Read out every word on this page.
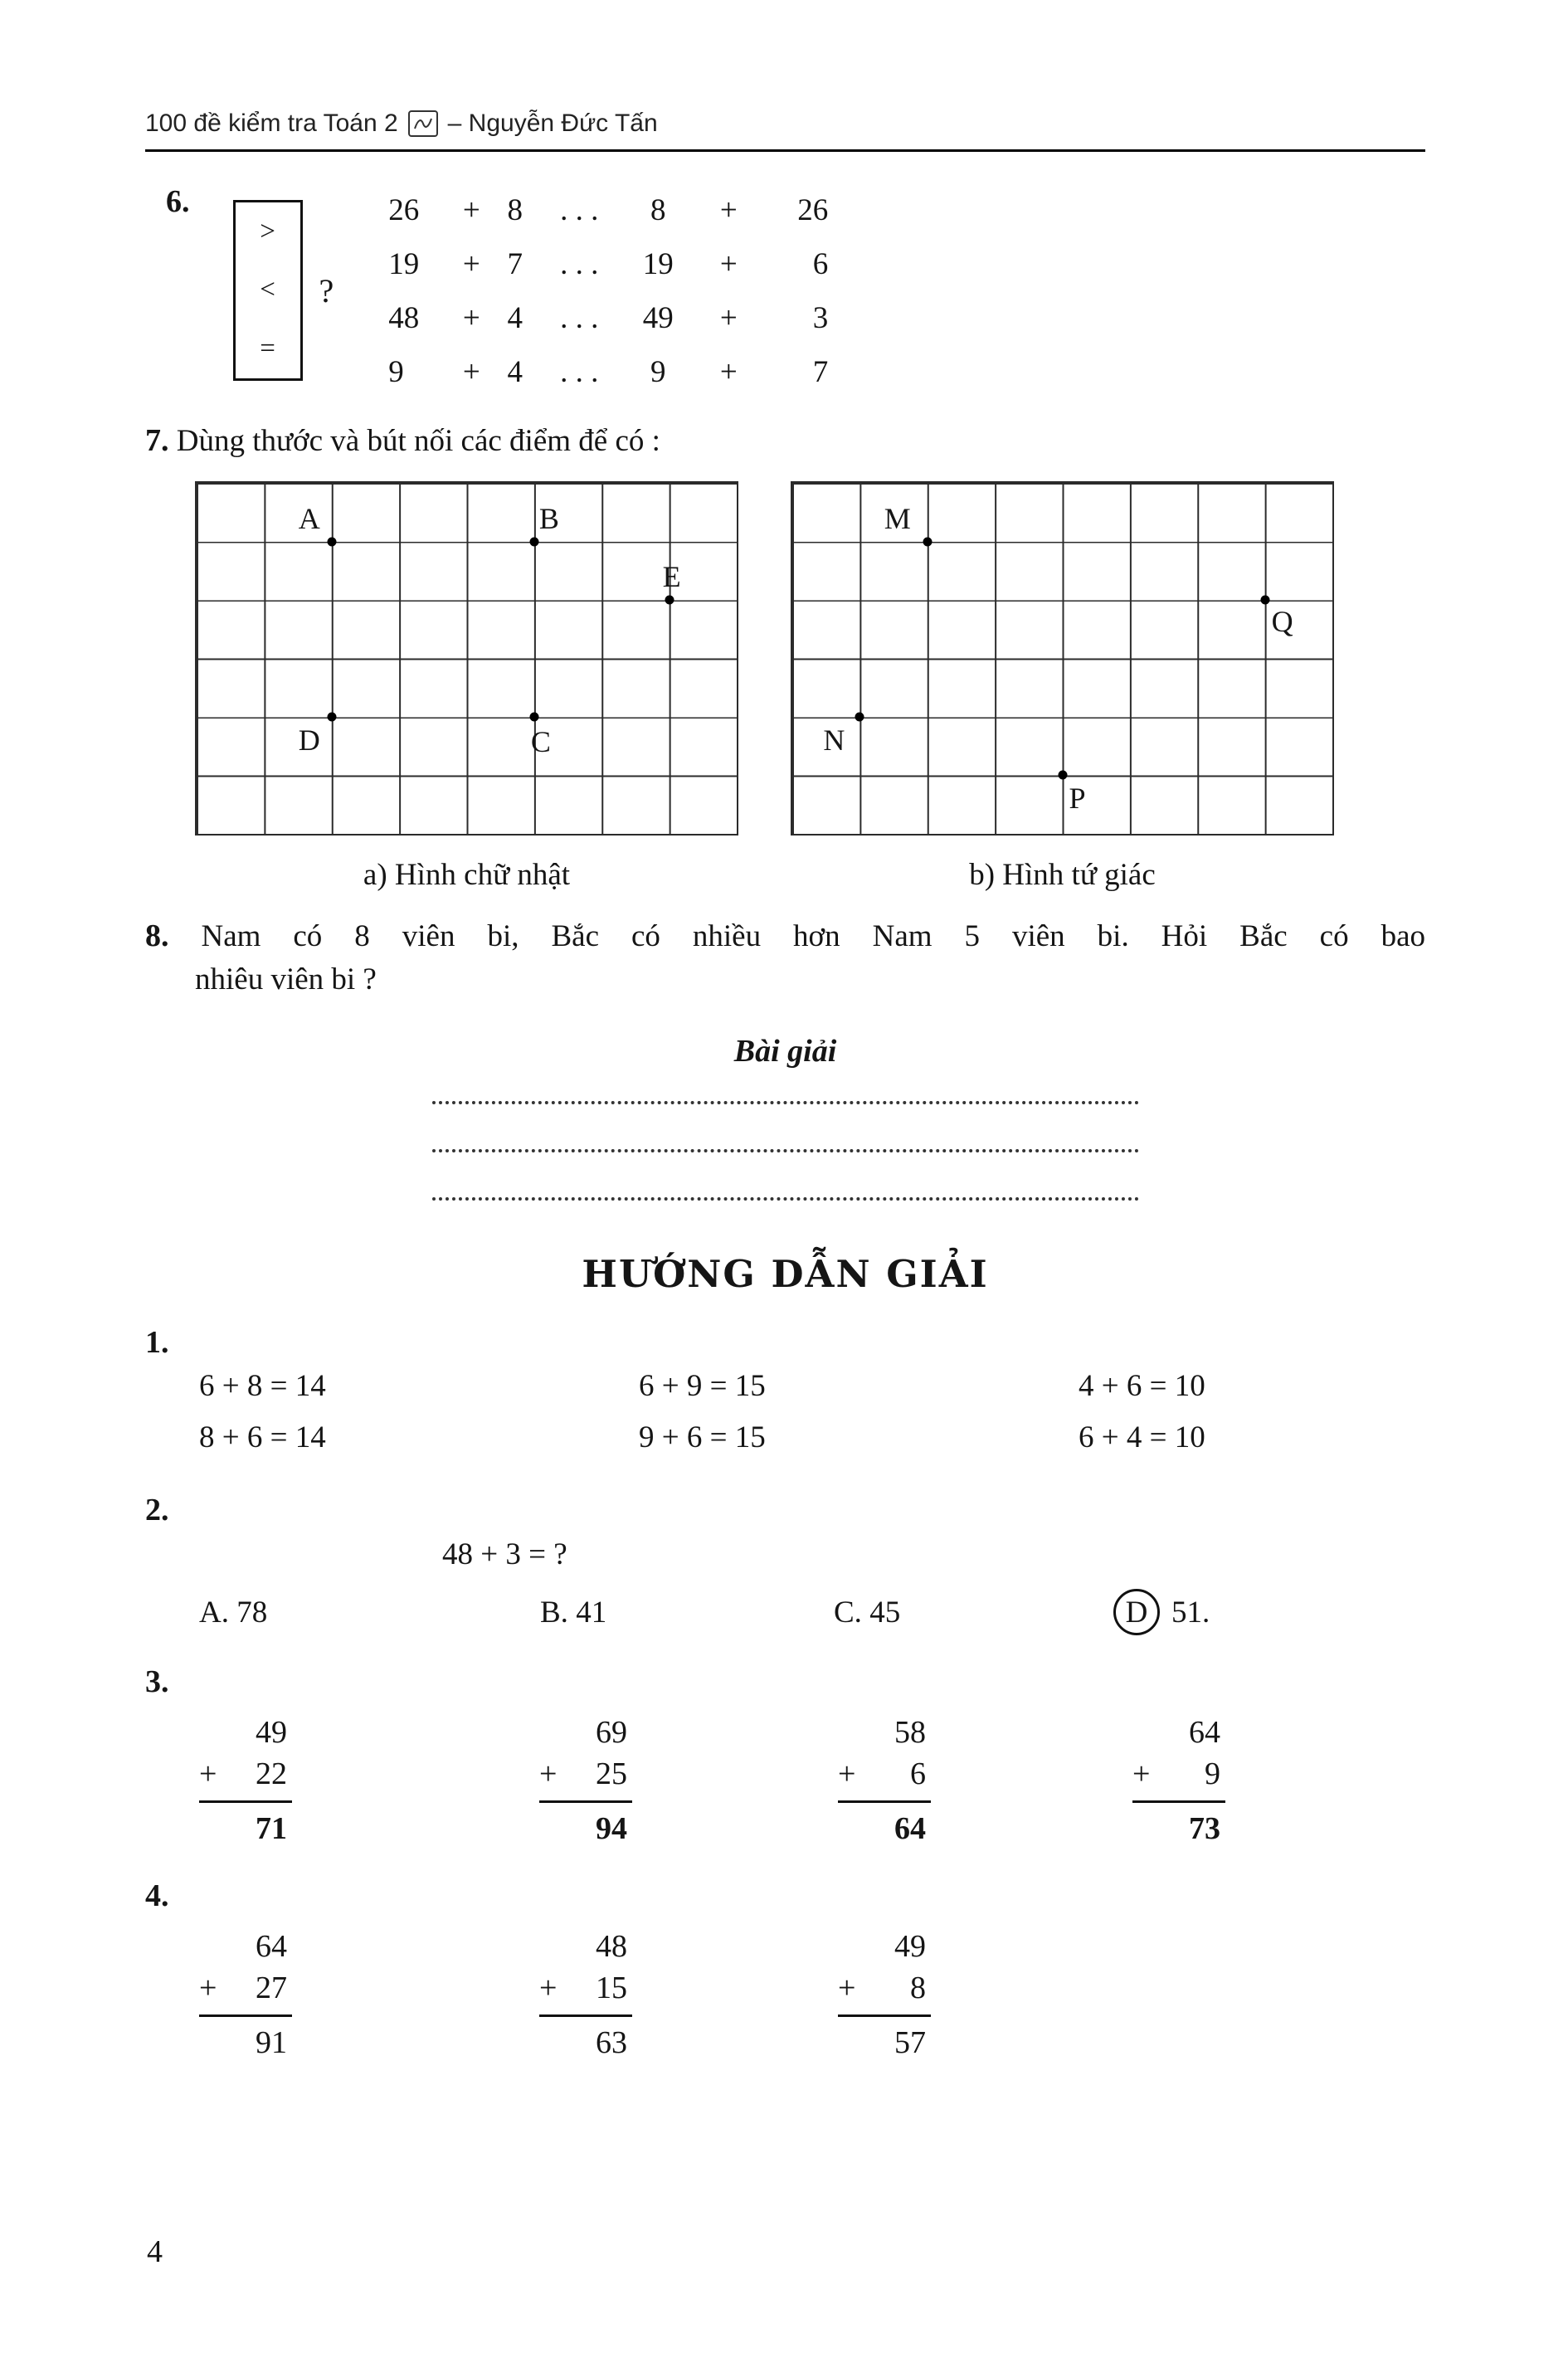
100 đề kiểm tra Toán 2 – Nguyễn Đức Tấn
6.
>
<
=
?
26	+ 8	. . .	8	+	26
19	+ 7	. . .	19	+	6
48	+ 4	. . .	49	+	3
9	+ 4	. . .	9	+	7
7. Dùng thước và bút nối các điểm để có :
A	B
E
D	C
M
Q
N
P
a) Hình chữ nhật	b) Hình tứ giác
8. Nam có 8 viên bi, Bắc có nhiều hơn Nam 5 viên bi. Hỏi Bắc có bao
nhiêu viên bi ?
Bài giải
HƯỚNG DẪN GIẢI
1.
6 + 8 = 14	6 + 9 = 15	4 + 6 = 10
8 + 6 = 14	9 + 6 = 15	6 + 4 = 10
2.
48 + 3 = ?
A. 78	B. 41	C. 45	D 51.
3.
49
+ 22
71
69
+ 25
94
58
+ 6
64
64
+ 9
73
4.
64
+ 27
91
48
+ 15
63
49
+ 8
57
4
